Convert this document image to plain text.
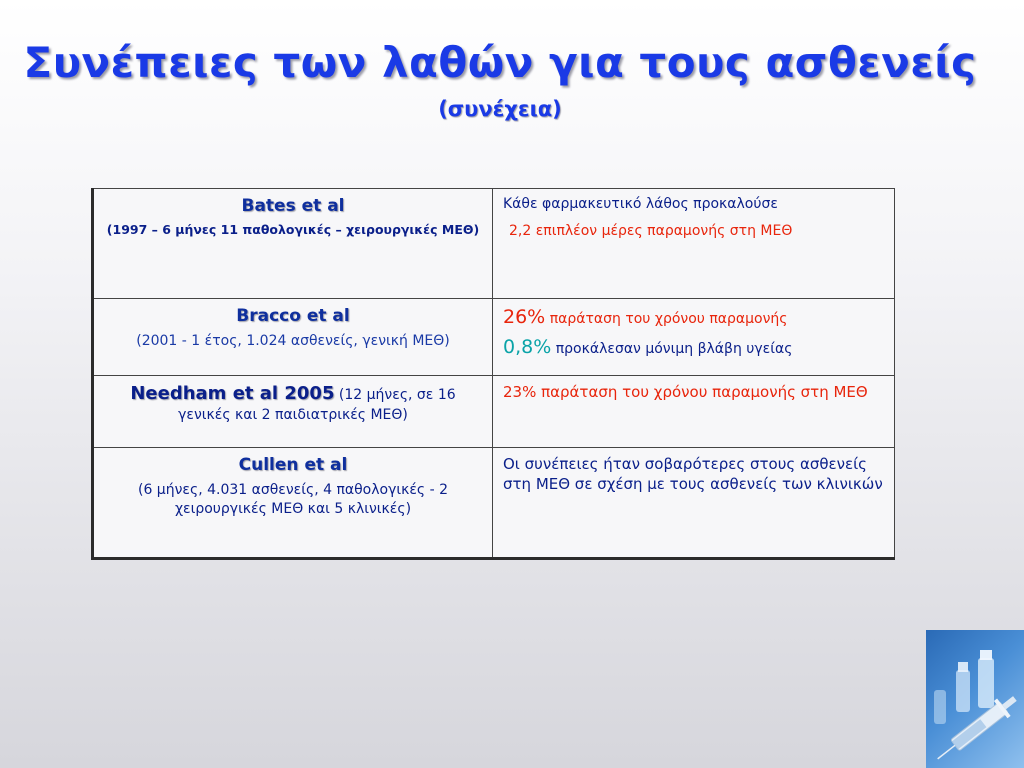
Συνέπειες των λαθών για τους ασθενείς
(συνέχεια)
Bates et al
(1997 – 6 μήνες 11 παθολογικές – χειρουργικές ΜΕΘ)	Κάθε φαρμακευτικό λάθος προκαλούσε
2,2 επιπλέον μέρες παραμονής στη ΜΕΘ

Bracco et al
(2001 - 1 έτος, 1.024 ασθενείς, γενική ΜΕΘ)	26% παράταση του χρόνου παραμονής
0,8% προκάλεσαν μόνιμη βλάβη υγείας

Needham et al 2005 (12 μήνες, σε 16 γενικές και 2 παιδιατρικές ΜΕΘ)	23% παράταση του χρόνου παραμονής στη ΜΕΘ

Cullen et al
(6 μήνες, 4.031 ασθενείς, 4 παθολογικές - 2 χειρουργικές ΜΕΘ και 5 κλινικές)	Οι συνέπειες ήταν σοβαρότερες στους ασθενείς στη ΜΕΘ σε σχέση με τους ασθενείς των κλινικών
